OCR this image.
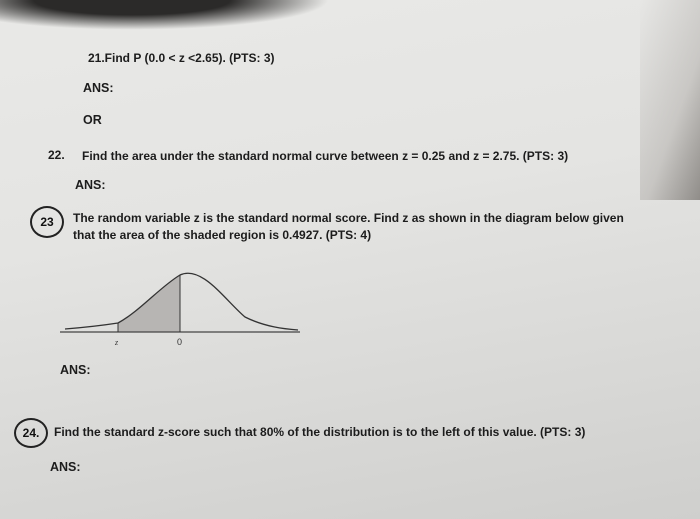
21.Find P (0.0 < z <2.65). (PTS: 3)
ANS:
OR
22. Find the area under the standard normal curve between z = 0.25 and z = 2.75. (PTS: 3)
ANS:
23 The random variable z is the standard normal score. Find z as shown in the diagram below given
that the area of the shaded region is 0.4927. (PTS: 4)
z	0
ANS:
24. Find the standard z-score such that 80% of the distribution is to the left of this value. (PTS: 3)
ANS:
